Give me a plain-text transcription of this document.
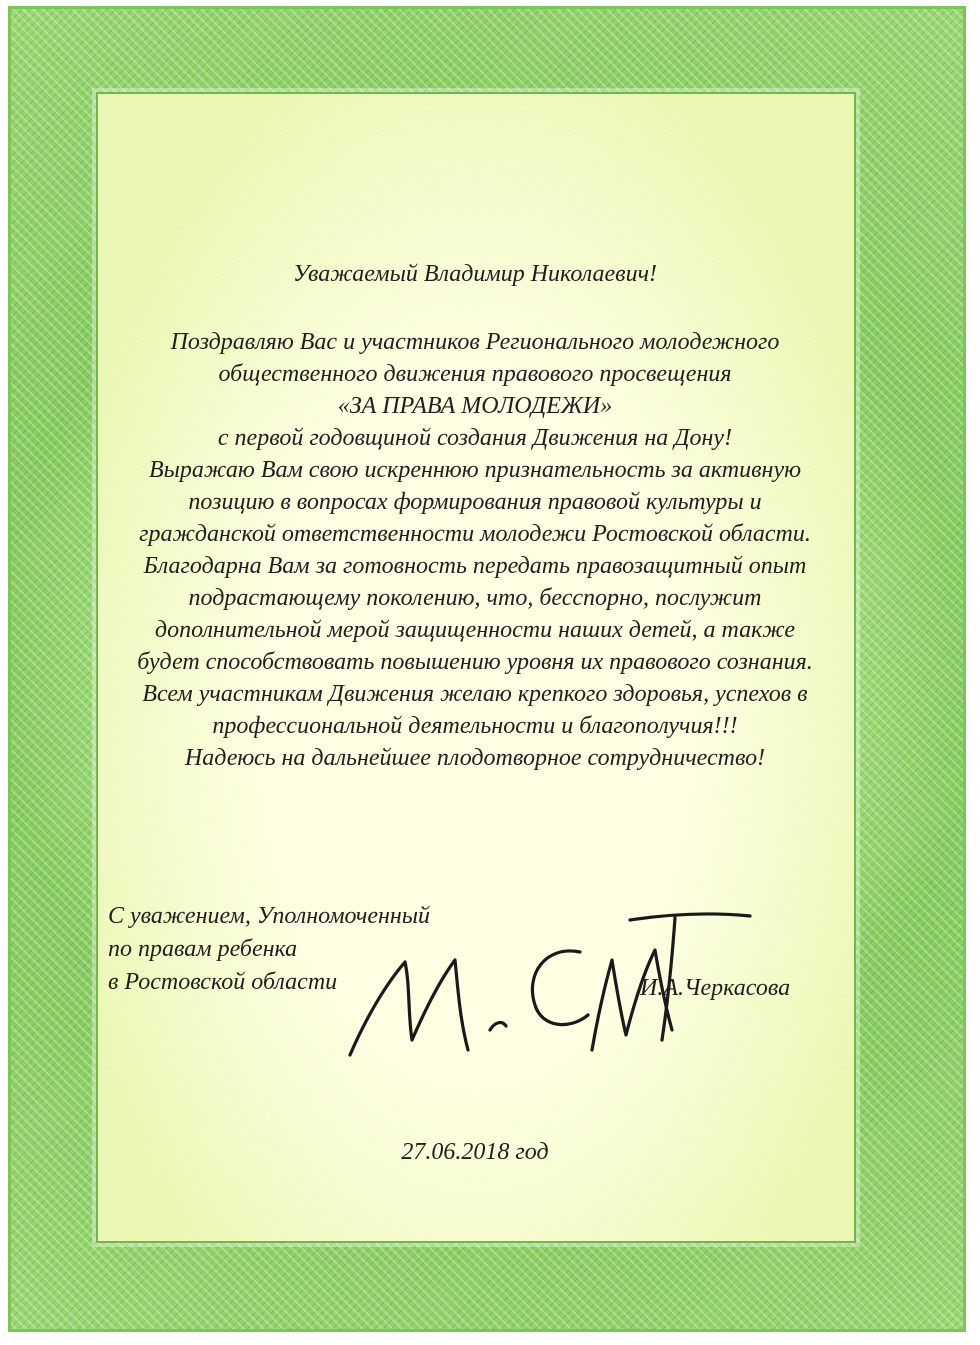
Уважаемый Владимир Николаевич!
Поздравляю Вас и участников Регионального молодежного
общественного движения правового просвещения
«ЗА ПРАВА МОЛОДЕЖИ»
с первой годовщиной создания Движения на Дону!
Выражаю Вам свою искреннюю признательность за активную
позицию в вопросах формирования правовой культуры и
гражданской ответственности молодежи Ростовской области.
Благодарна Вам за готовность передать правозащитный опыт
подрастающему поколению, что, бесспорно, послужит
дополнительной мерой защищенности наших детей, а также
будет способствовать повышению уровня их правового сознания.
Всем участникам Движения желаю крепкого здоровья, успехов в
профессиональной деятельности и благополучия!!!
Надеюсь на дальнейшее плодотворное сотрудничество!
С уважением, Уполномоченный
по правам ребенка
в Ростовской области	И.А.Черкасова
27.06.2018 год
